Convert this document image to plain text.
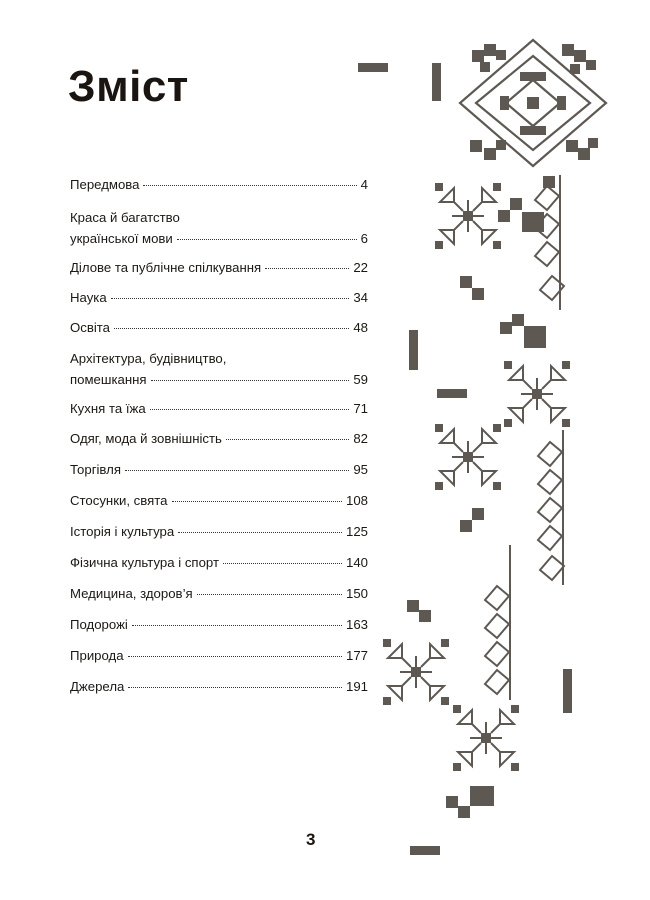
Зміст
Передмова	4
Краса й багатство
української мови	6
Ділове та публічне спілкування	22
Наука	34
Освіта	48
Архітектура, будівництво,
помешкання	59
Кухня та їжа	71
Одяг, мода й зовнішність	82
Торгівля	95
Стосунки, свята	108
Історія і культура	125
Фізична культура і спорт	140
Медицина, здоров’я	150
Подорожі	163
Природа	177
Джерела	191
3
